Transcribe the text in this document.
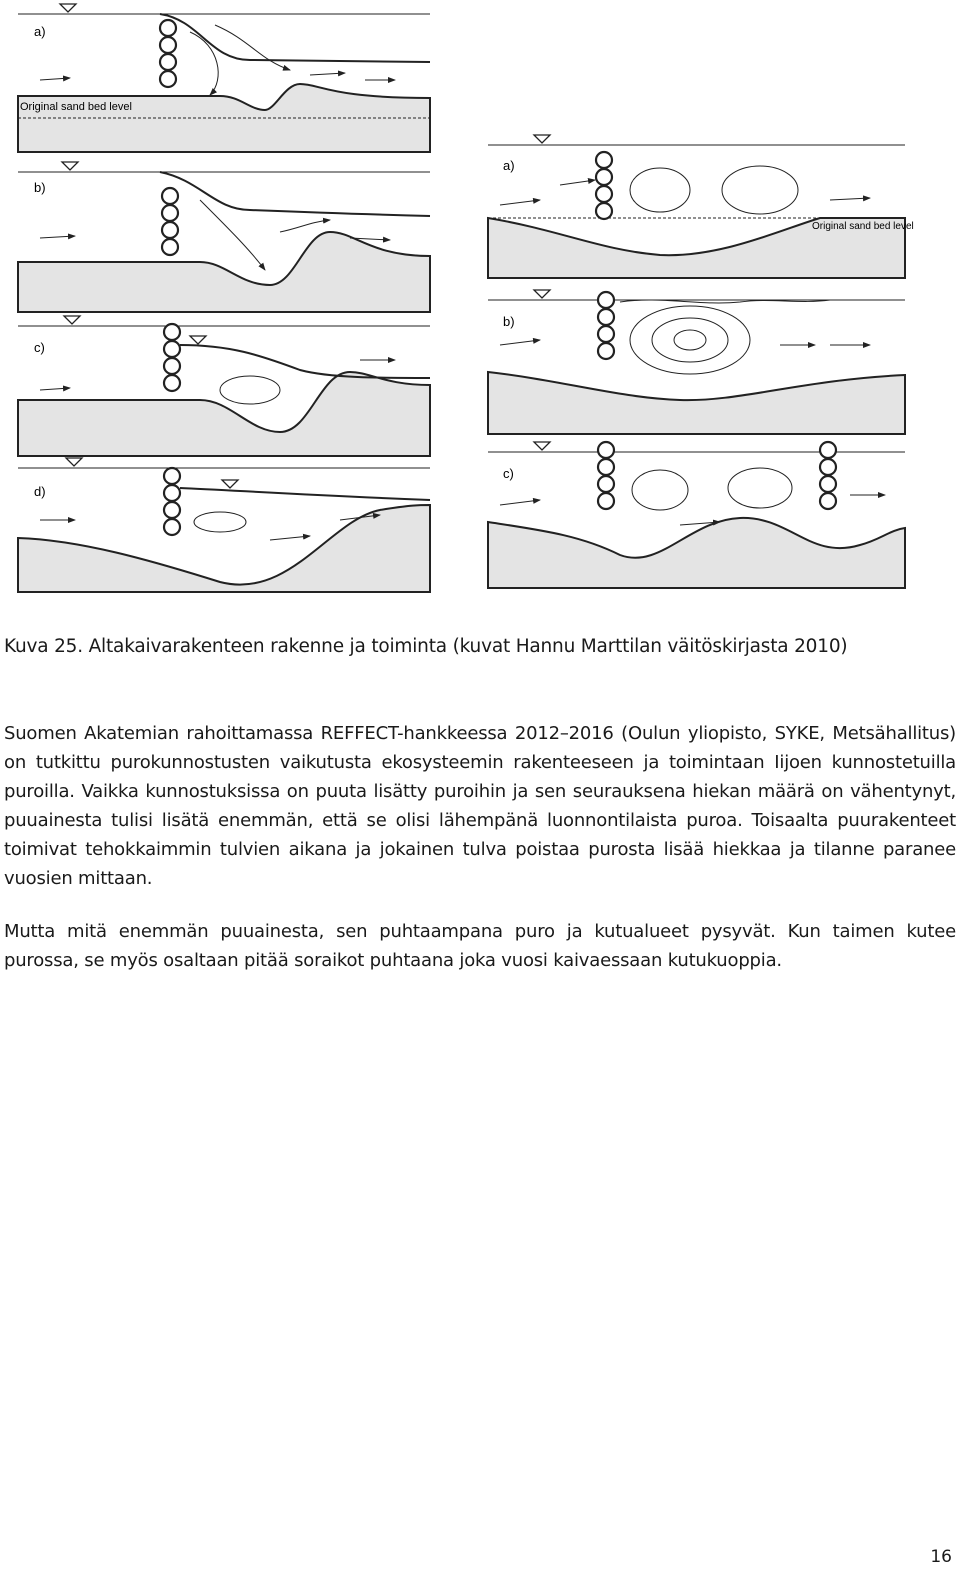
a)
Original sand bed level
b)
c)
d)
a)
Original sand bed level
b)
c)
Kuva 25. Altakaivarakenteen rakenne ja toiminta (kuvat Hannu Marttilan väitöskirjasta 2010)

Suomen Akatemian rahoittamassa REFFECT-hankkeessa 2012–2016 (Oulun yliopisto, SYKE, Metsähallitus) on tutkittu purokunnostusten vaikutusta ekosysteemin rakenteeseen ja toimintaan Iijoen kunnostetuilla puroilla. Vaikka kunnostuksissa on puuta lisätty puroihin ja sen seurauksena hiekan määrä on vähentynyt, puuainesta tulisi lisätä enemmän, että se olisi lähempänä luonnontilaista puroa. Toisaalta puurakenteet toimivat tehokkaimmin tulvien aikana ja jokainen tulva poistaa purosta lisää hiekkaa ja tilanne paranee vuosien mittaan.

Mutta mitä enemmän puuainesta, sen puhtaampana puro ja kutualueet pysyvät. Kun taimen kutee purossa, se myös osaltaan pitää soraikot puhtaana joka vuosi kaivaessaan kutukuoppia.

16
